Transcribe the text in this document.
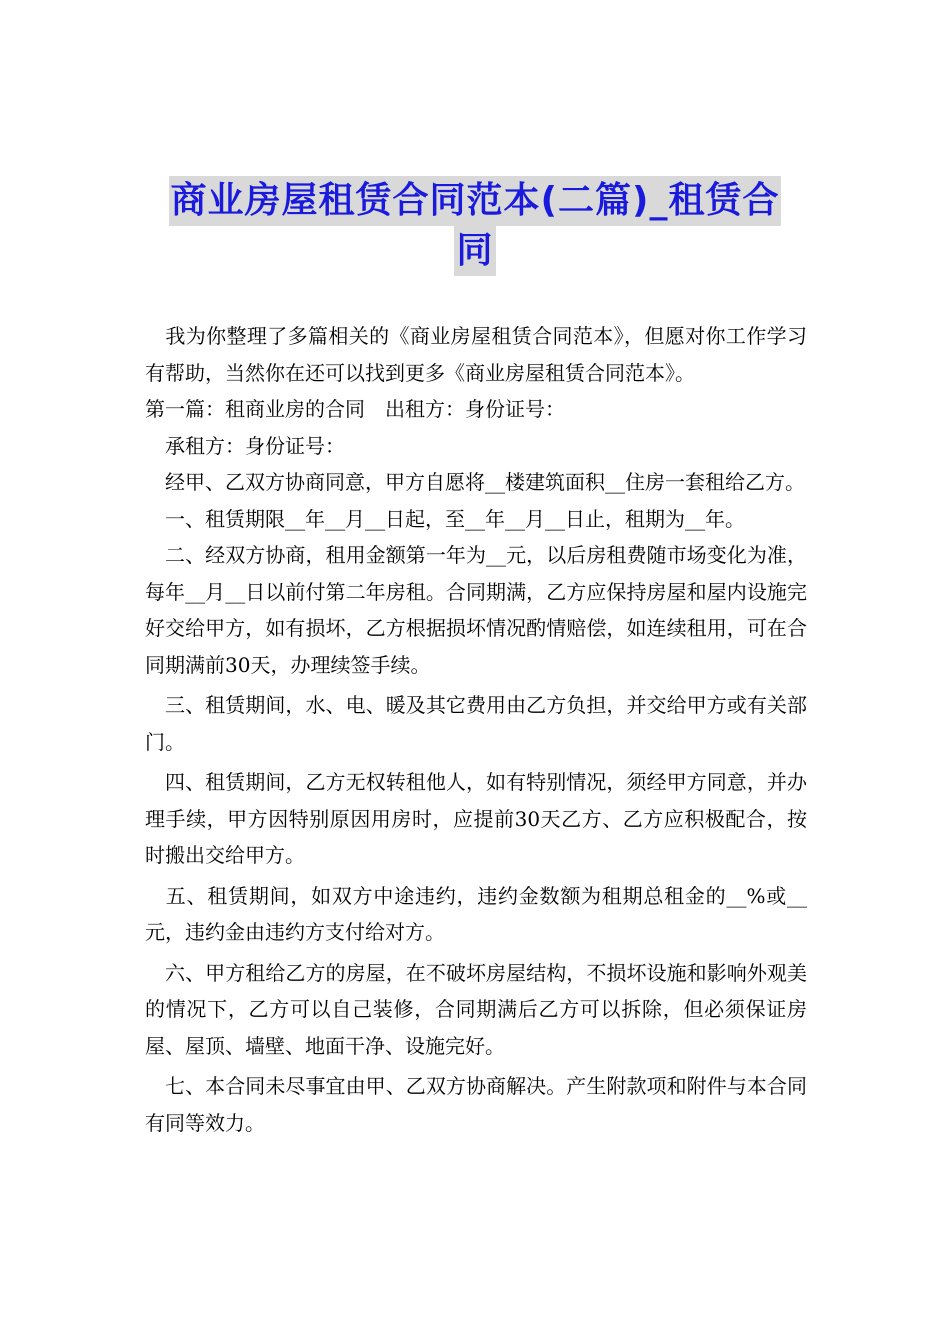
商业房屋租赁合同范本(二篇)_租赁合
同

　我为你整理了多篇相关的《商业房屋租赁合同范本》，但愿对你工作学习有帮助，当然你在还可以找到更多《商业房屋租赁合同范本》。

第一篇：租商业房的合同　出租方：身份证号：

　承租方：身份证号：

　经甲、乙双方协商同意，甲方自愿将__楼建筑面积__住房一套租给乙方。

　一、租赁期限__年__月__日起，至__年__月__日止，租期为__年。

　二、经双方协商，租用金额第一年为__元，以后房租费随市场变化为准，每年__月__日以前付第二年房租。合同期满，乙方应保持房屋和屋内设施完好交给甲方，如有损坏，乙方根据损坏情况酌情赔偿，如连续租用，可在合同期满前30天，办理续签手续。

　三、租赁期间，水、电、暖及其它费用由乙方负担，并交给甲方或有关部门。

　四、租赁期间，乙方无权转租他人，如有特别情况，须经甲方同意，并办理手续，甲方因特别原因用房时，应提前30天乙方、乙方应积极配合，按时搬出交给甲方。

　五、租赁期间，如双方中途违约，违约金数额为租期总租金的__%或__元，违约金由违约方支付给对方。

　六、甲方租给乙方的房屋，在不破坏房屋结构，不损坏设施和影响外观美的情况下，乙方可以自己装修，合同期满后乙方可以拆除，但必须保证房屋、屋顶、墙壁、地面干净、设施完好。

　七、本合同未尽事宜由甲、乙双方协商解决。产生附款项和附件与本合同有同等效力。
